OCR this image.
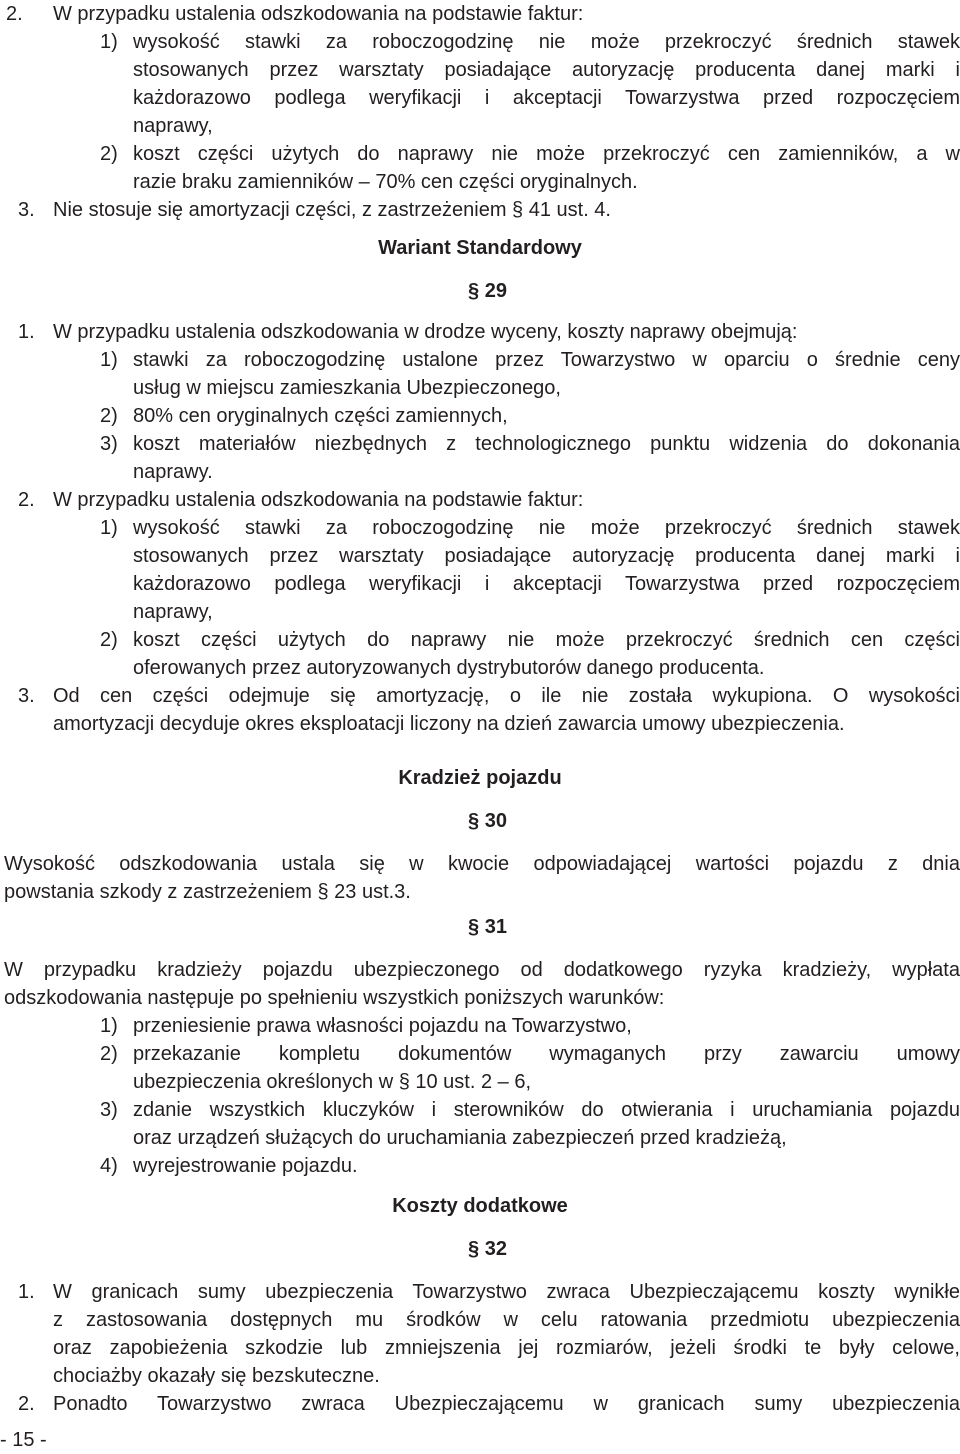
2. W przypadku ustalenia odszkodowania na podstawie faktur:
1) wysokość stawki za roboczogodzinę nie może przekroczyć średnich stawek
stosowanych przez warsztaty posiadające autoryzację producenta danej marki i
każdorazowo podlega weryfikacji i akceptacji Towarzystwa przed rozpoczęciem
naprawy,
2) koszt części użytych do naprawy nie może przekroczyć cen zamienników, a w
razie braku zamienników – 70% cen części oryginalnych.
3. Nie stosuje się amortyzacji części, z zastrzeżeniem § 41 ust. 4.
Wariant Standardowy
§ 29
1. W przypadku ustalenia odszkodowania w drodze wyceny, koszty naprawy obejmują:
1) stawki za roboczogodzinę ustalone przez Towarzystwo w oparciu o średnie ceny
usług w miejscu zamieszkania Ubezpieczonego,
2) 80% cen oryginalnych części zamiennych,
3) koszt materiałów niezbędnych z technologicznego punktu widzenia do dokonania
naprawy.
2. W przypadku ustalenia odszkodowania na podstawie faktur:
1) wysokość stawki za roboczogodzinę nie może przekroczyć średnich stawek
stosowanych przez warsztaty posiadające autoryzację producenta danej marki i
każdorazowo podlega weryfikacji i akceptacji Towarzystwa przed rozpoczęciem
naprawy,
2) koszt części użytych do naprawy nie może przekroczyć średnich cen części
oferowanych przez autoryzowanych dystrybutorów danego producenta.
3. Od cen części odejmuje się amortyzację, o ile nie została wykupiona. O wysokości
amortyzacji decyduje okres eksploatacji liczony na dzień zawarcia umowy ubezpieczenia.
Kradzież pojazdu
§ 30
Wysokość odszkodowania ustala się w kwocie odpowiadającej wartości pojazdu z dnia
powstania szkody z zastrzeżeniem § 23 ust.3.
§ 31
W przypadku kradzieży pojazdu ubezpieczonego od dodatkowego ryzyka kradzieży, wypłata
odszkodowania następuje po spełnieniu wszystkich poniższych warunków:
1) przeniesienie prawa własności pojazdu na Towarzystwo,
2) przekazanie kompletu dokumentów wymaganych przy zawarciu umowy
ubezpieczenia określonych w § 10 ust. 2 – 6,
3) zdanie wszystkich kluczyków i sterowników do otwierania i uruchamiania pojazdu
oraz urządzeń służących do uruchamiania zabezpieczeń przed kradzieżą,
4) wyrejestrowanie pojazdu.
Koszty dodatkowe
§ 32
1. W granicach sumy ubezpieczenia Towarzystwo zwraca Ubezpieczającemu koszty wynikłe
z zastosowania dostępnych mu środków w celu ratowania przedmiotu ubezpieczenia
oraz zapobieżenia szkodzie lub zmniejszenia jej rozmiarów, jeżeli środki te były celowe,
chociażby okazały się bezskuteczne.
2. Ponadto Towarzystwo zwraca Ubezpieczającemu w granicach sumy ubezpieczenia
- 15 -
